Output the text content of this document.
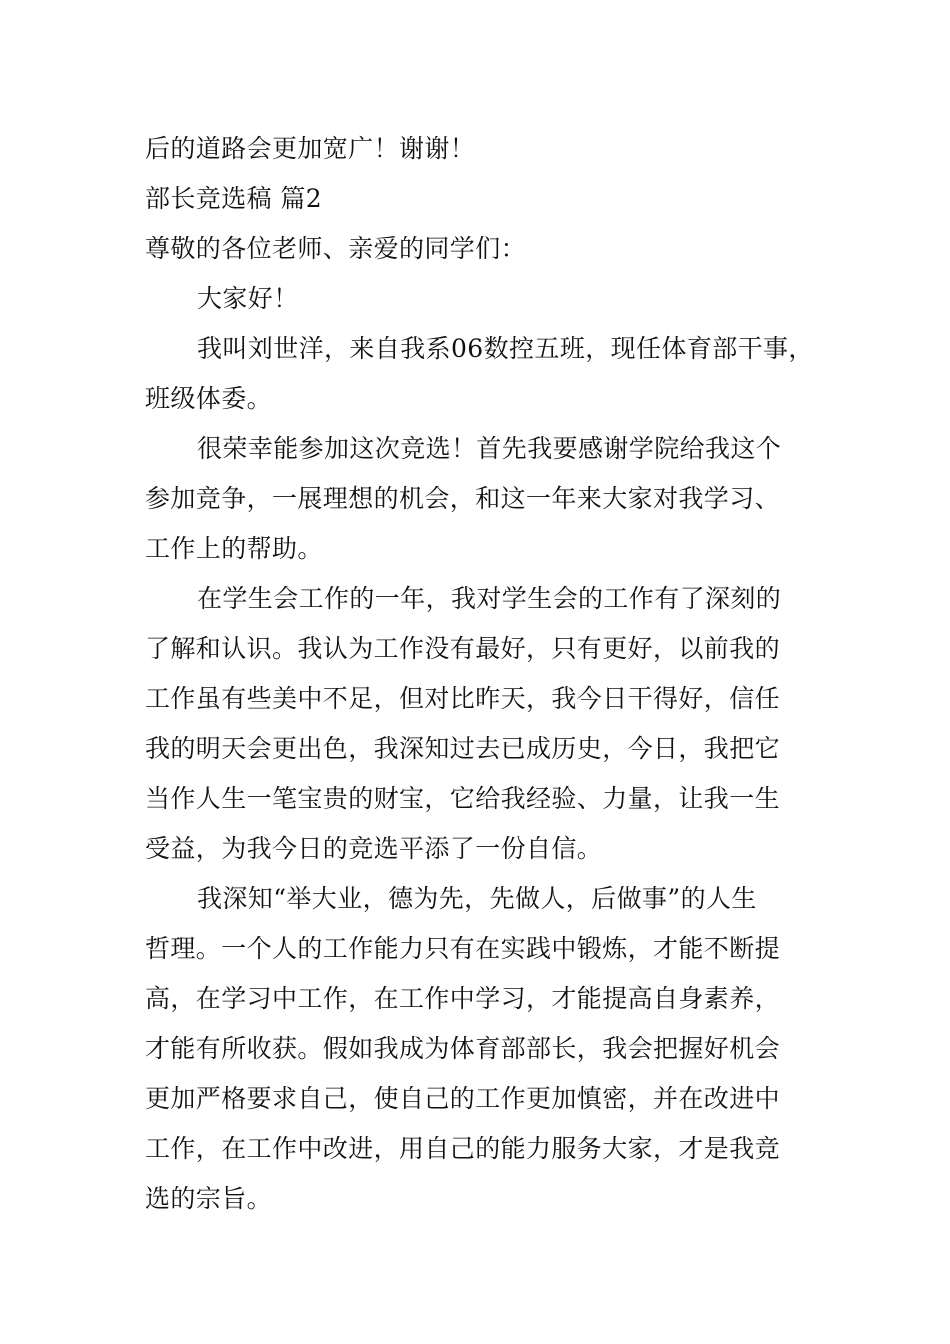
后的道路会更加宽广！谢谢！
部长竞选稿 篇2
尊敬的各位老师、亲爱的同学们：
大家好！
我叫刘世洋，来自我系06数控五班，现任体育部干事，
班级体委。
很荣幸能参加这次竞选！首先我要感谢学院给我这个
参加竞争，一展理想的机会，和这一年来大家对我学习、
工作上的帮助。
在学生会工作的一年，我对学生会的工作有了深刻的
了解和认识。我认为工作没有最好，只有更好，以前我的
工作虽有些美中不足，但对比昨天，我今日干得好，信任
我的明天会更出色，我深知过去已成历史，今日，我把它
当作人生一笔宝贵的财宝，它给我经验、力量，让我一生
受益，为我今日的竞选平添了一份自信。
我深知“举大业，德为先，先做人，后做事”的人生
哲理。一个人的工作能力只有在实践中锻炼，才能不断提
高，在学习中工作，在工作中学习，才能提高自身素养，
才能有所收获。假如我成为体育部部长，我会把握好机会
更加严格要求自己，使自己的工作更加慎密，并在改进中
工作，在工作中改进，用自己的能力服务大家，才是我竞
选的宗旨。
